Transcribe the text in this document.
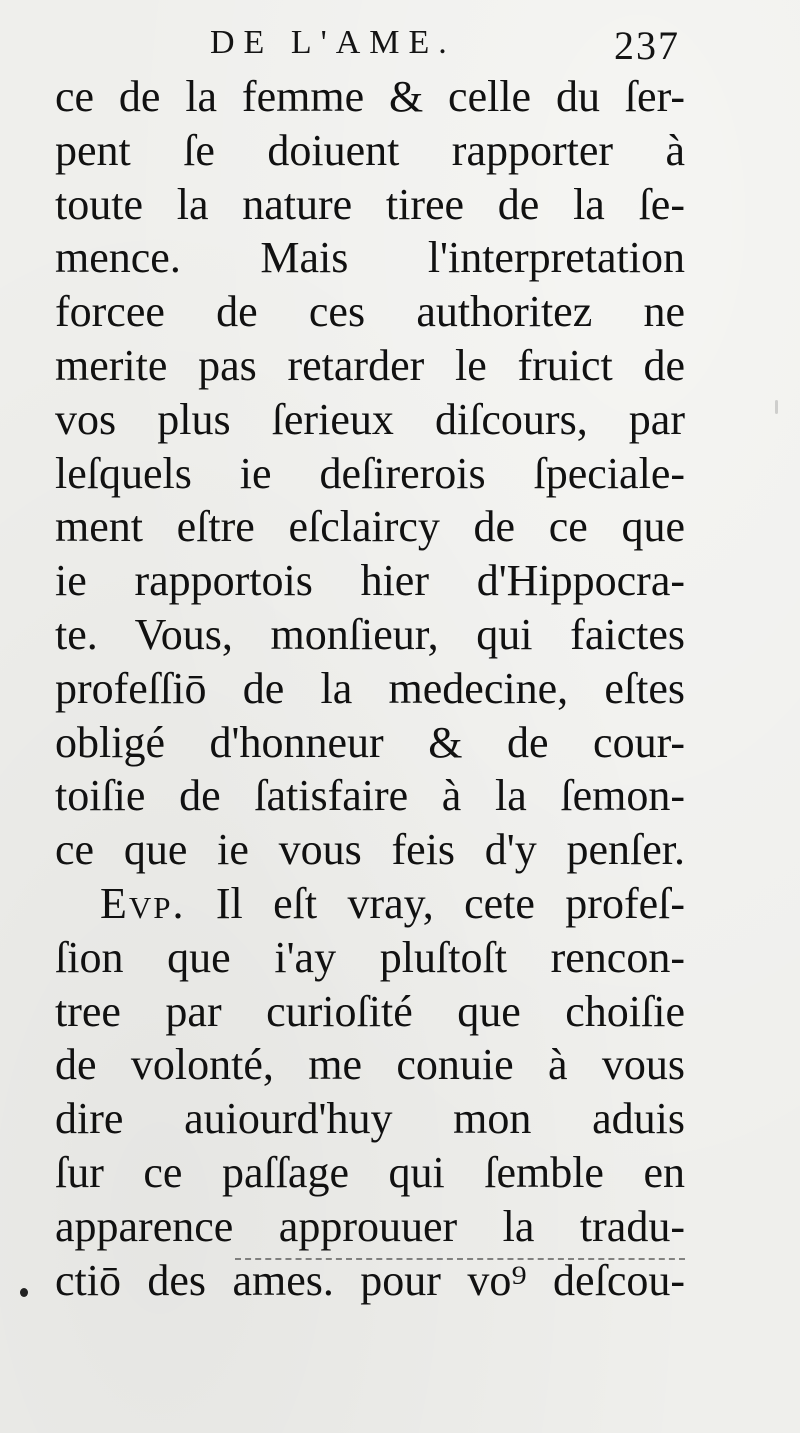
DE L'AME.	237
ce de la femme & celle du ſer-
pent ſe doiuent rapporter à
toute la nature tiree de la ſe-
mence. Mais l'interpretation
forcee de ces authoritez ne
merite pas retarder le fruict de
vos plus ſerieux diſcours, par
leſquels ie deſirerois ſpeciale-
ment eſtre eſclaircy de ce que
ie rapportois hier d'Hippocra-
te. Vous, monſieur, qui faictes
profeſſiō de la medecine, eſtes
obligé d'honneur & de cour-
toiſie de ſatisfaire à la ſemon-
ce que ie vous feis d'y penſer.
Evp. Il eſt vray, cete profeſ-
ſion que i'ay pluſtoſt rencon-
tree par curioſité que choiſie
de volonté, me conuie à vous
dire auiourd'huy mon aduis
ſur ce paſſage qui ſemble en
apparence approuuer la tradu-
ctiō des ames. pour vo⁹ deſcou-
